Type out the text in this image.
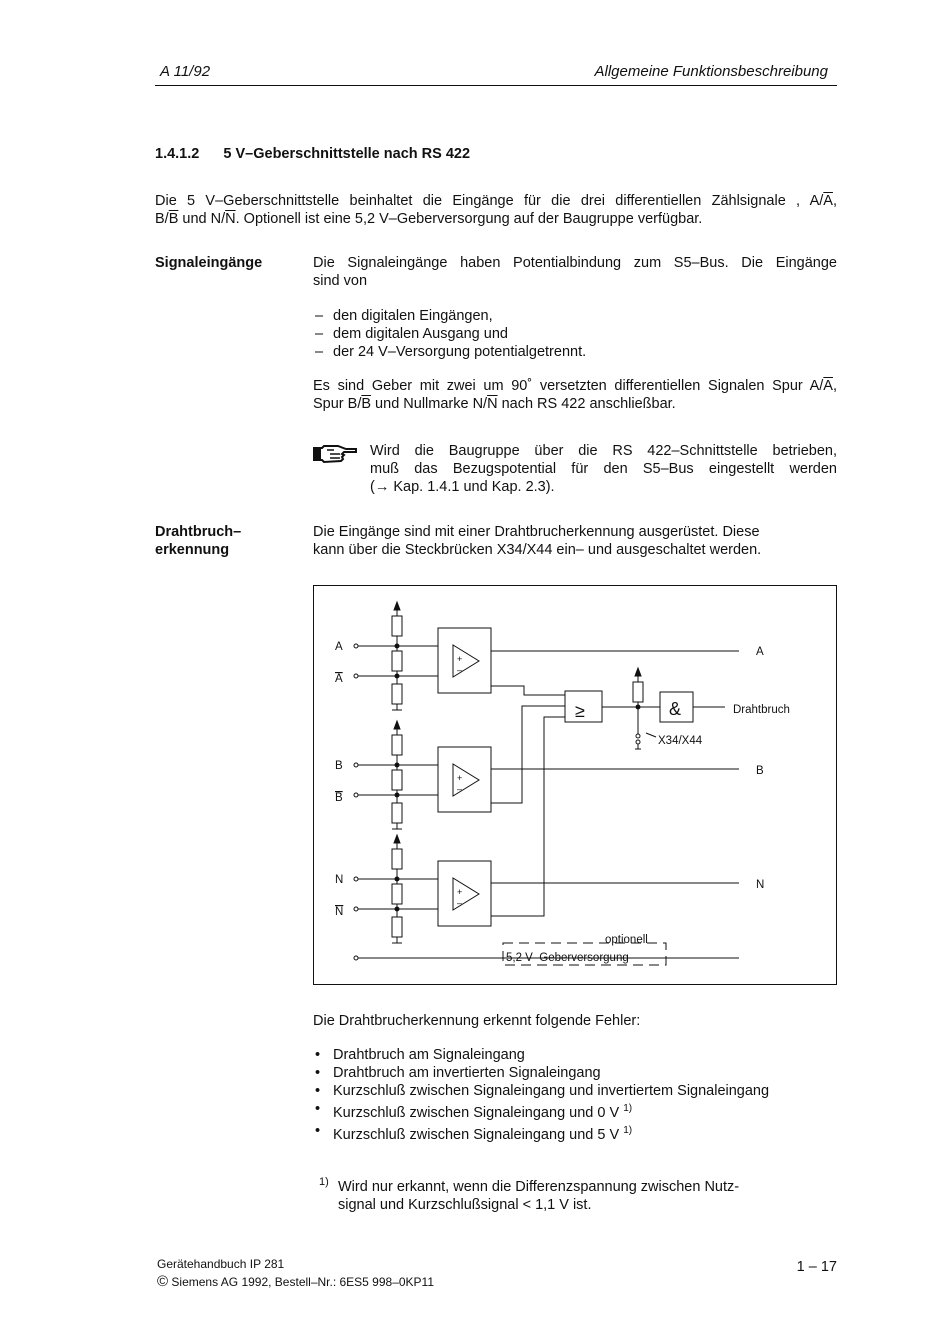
A 11/92	Allgemeine Funktionsbeschreibung
1.4.1.2 5 V–Geberschnittstelle nach RS 422
Die 5 V–Geberschnittstelle beinhaltet die Eingänge für die drei differentiellen Zählsignale , $A/\overline{A}$,
$B/\overline{B}$ und $N/\overline{N}$. Optionell ist eine 5,2 V–Geberversorgung auf der Baugruppe verfügbar.
Signaleingänge	Die Signaleingänge haben Potentialbindung zum S5–Bus. Die Eingänge
sind von
– den digitalen Eingängen,
– dem digitalen Ausgang und
– der 24 V–Versorgung potentialgetrennt.
Es sind Geber mit zwei um 90˚ versetzten differentiellen Signalen Spur $A/\overline{A}$,
Spur $B/\overline{B}$ und Nullmarke $N/\overline{N}$ nach RS 422 anschließbar.
Wird die Baugruppe über die RS 422–Schnittstelle betrieben,
muß das Bezugspotential für den S5–Bus eingestellt werden
(→ Kap. 1.4.1 und Kap. 2.3).
Drahtbruch–
erkennung
Die Eingänge sind mit einer Drahtbrucherkennung ausgerüstet. Diese
kann über die Steckbrücken X34/X44 ein– und ausgeschaltet werden.
A
A
B
B
N
N
A
B
N
Drahtbruch
≥	&
X34/X44
+
–
+
–
+
–
optionell
5,2 V–Geberversorgung
Die Drahtbrucherkennung erkennt folgende Fehler:
• Drahtbruch am Signaleingang
• Drahtbruch am invertierten Signaleingang
• Kurzschluß zwischen Signaleingang und invertiertem Signaleingang
• Kurzschluß zwischen Signaleingang und 0 V $^{1)}$
• Kurzschluß zwischen Signaleingang und 5 V $^{1)}$
1) Wird nur erkannt, wenn die Differenzspannung zwischen Nutz-
signal und Kurzschlußsignal < 1,1 V ist.
Gerätehandbuch IP 281
© Siemens AG 1992, Bestell–Nr.: 6ES5 998–0KP11
1 – 17
